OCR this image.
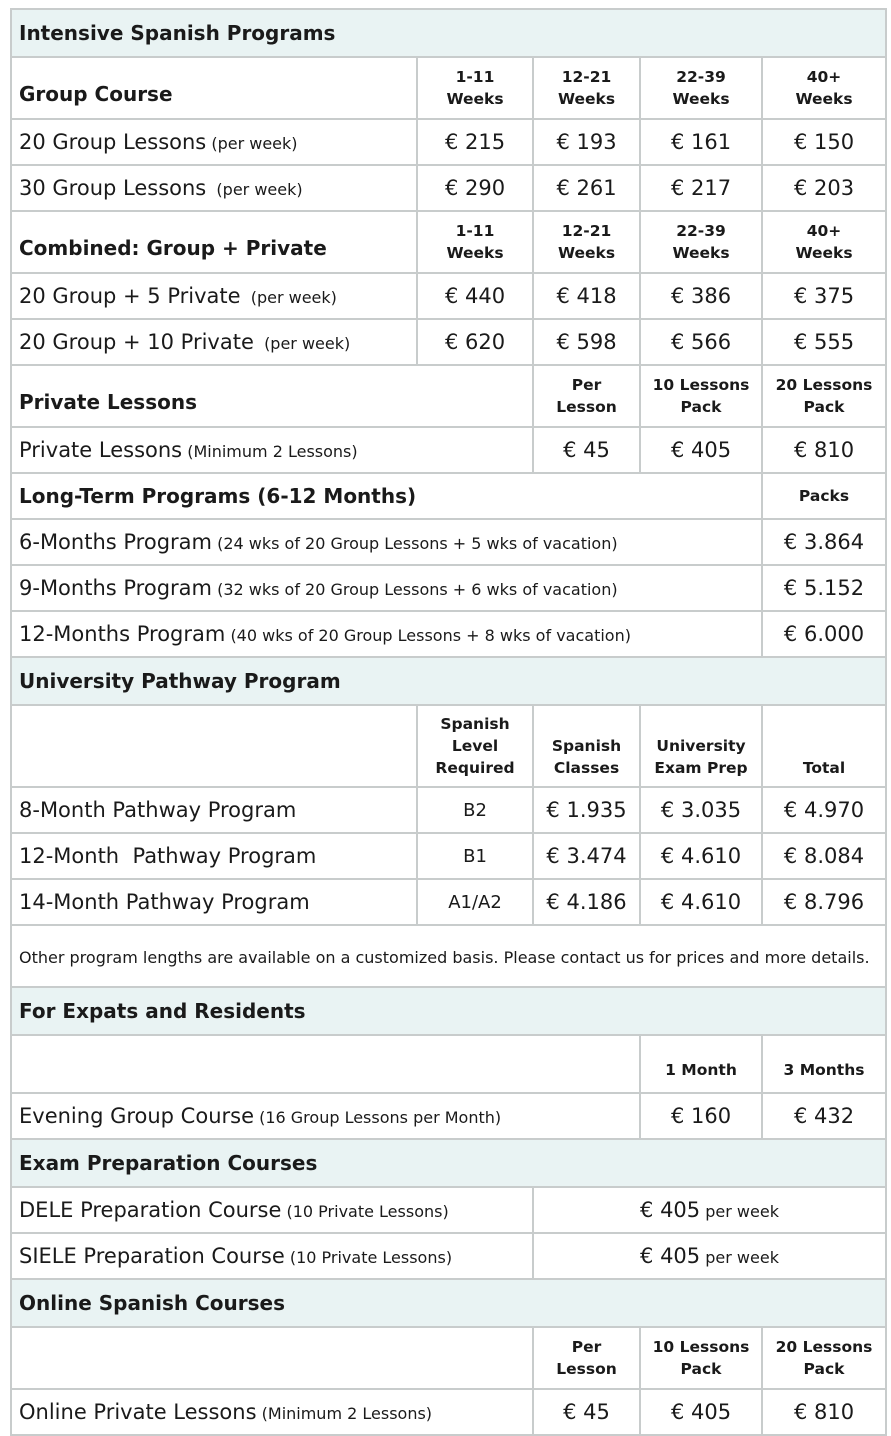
Intensive Spanish Programs				
Group Course	1-11 Weeks	12-21 Weeks	22-39 Weeks	40+ Weeks
20 Group Lessons (per week)	€ 215	€ 193	€ 161	€ 150
30 Group Lessons (per week)	€ 290	€ 261	€ 217	€ 203
Combined: Group + Private	1-11 Weeks	12-21 Weeks	22-39 Weeks	40+ Weeks
20 Group + 5 Private (per week)	€ 440	€ 418	€ 386	€ 375
20 Group + 10 Private (per week)	€ 620	€ 598	€ 566	€ 555
Private Lessons		Per Lesson	10 Lessons Pack	20 Lessons Pack
Private Lessons (Minimum 2 Lessons)		€ 45	€ 405	€ 810
Long-Term Programs (6-12 Months)				Packs
6-Months Program (24 wks of 20 Group Lessons + 5 wks of vacation)				€ 3.864
9-Months Program (32 wks of 20 Group Lessons + 6 wks of vacation)				€ 5.152
12-Months Program (40 wks of 20 Group Lessons + 8 wks of vacation)				€ 6.000
University Pathway Program				
	Spanish Level Required	Spanish Classes	University Exam Prep	Total
8-Month Pathway Program	B2	€ 1.935	€ 3.035	€ 4.970
12-Month  Pathway Program	B1	€ 3.474	€ 4.610	€ 8.084
14-Month Pathway Program	A1/A2	€ 4.186	€ 4.610	€ 8.796
Other program lengths are available on a customized basis. Please contact us for prices and more details.				
For Expats and Residents				
			1 Month	3 Months
Evening Group Course (16 Group Lessons per Month)			€ 160	€ 432
Exam Preparation Courses				
DELE Preparation Course (10 Private Lessons)		€ 405 per week		
SIELE Preparation Course (10 Private Lessons)		€ 405 per week		
Online Spanish Courses				
		Per Lesson	10 Lessons Pack	20 Lessons Pack
Online Private Lessons (Minimum 2 Lessons)		€ 45	€ 405	€ 810
